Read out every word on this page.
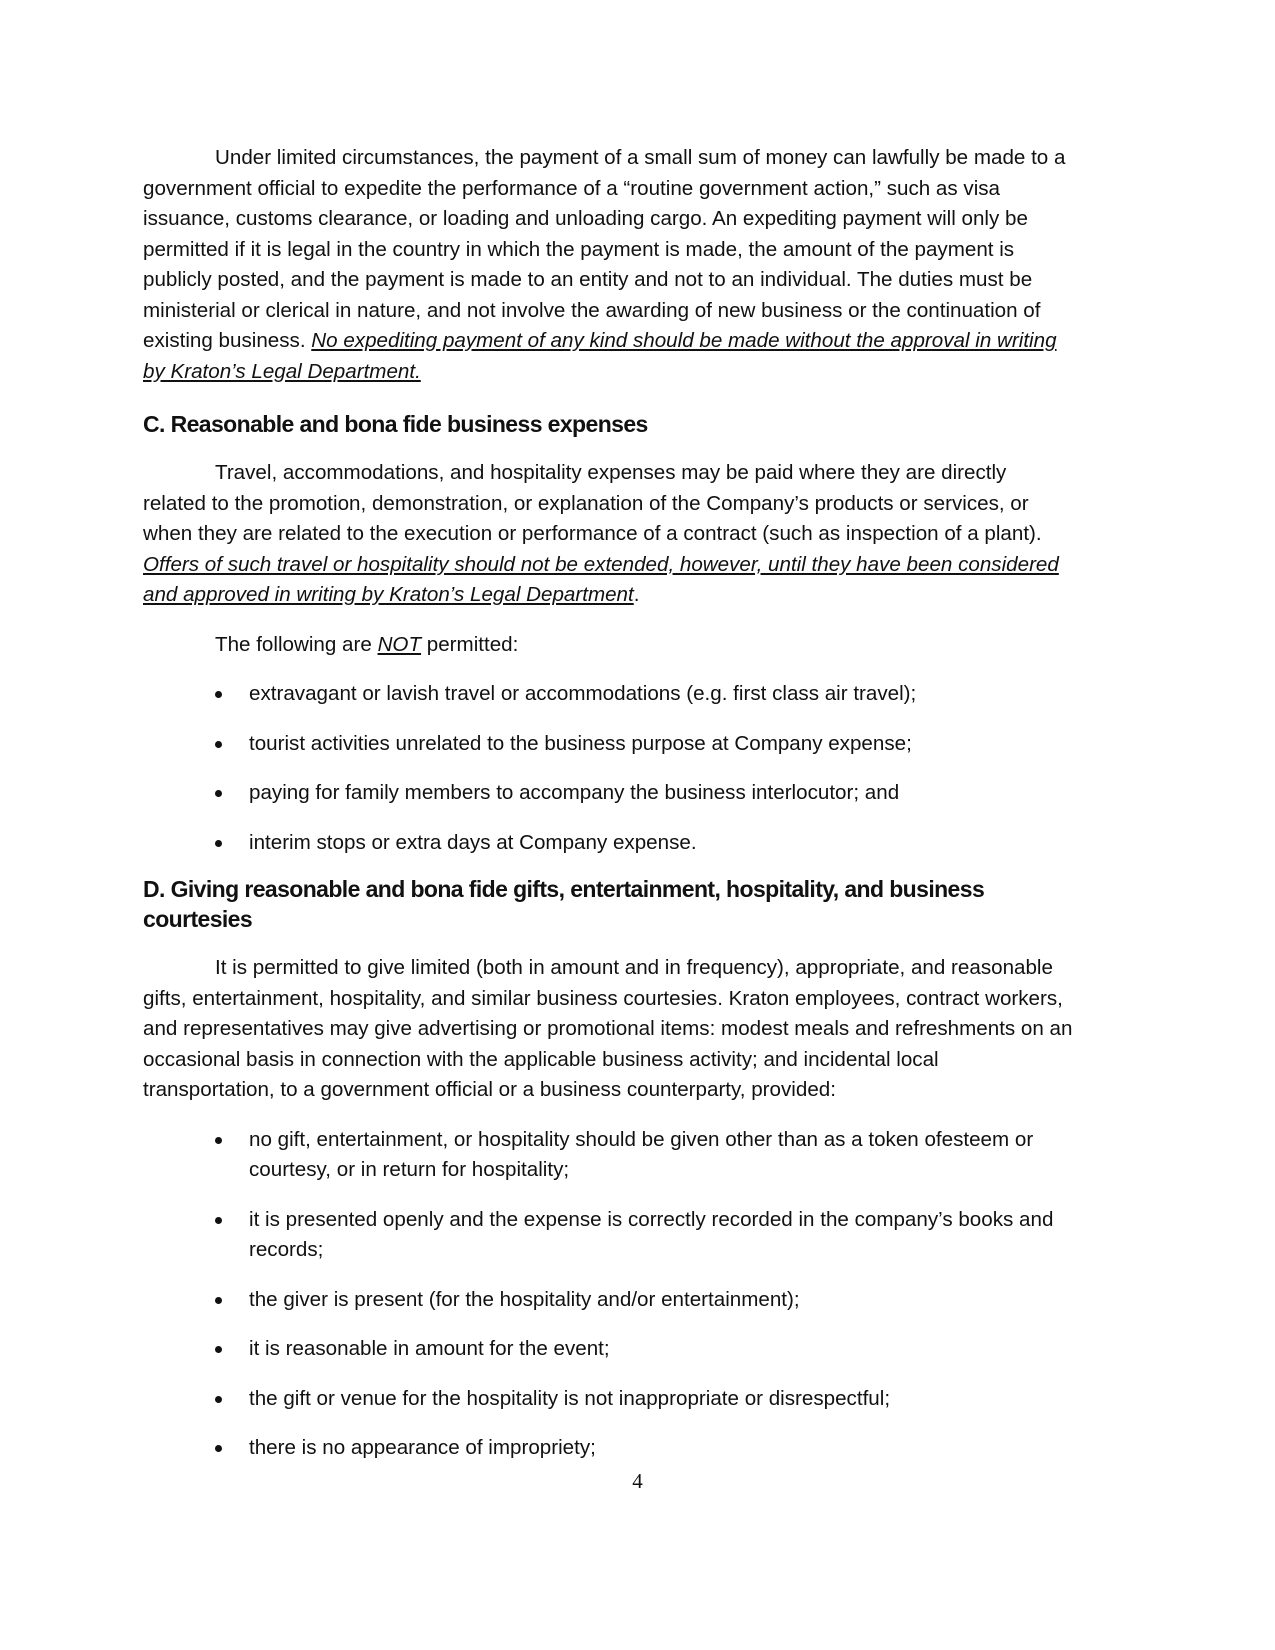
Under limited circumstances, the payment of a small sum of money can lawfully be made to a government official to expedite the performance of a “routine government action,” such as visa issuance, customs clearance, or loading and unloading cargo. An expediting payment will only be permitted if it is legal in the country in which the payment is made, the amount of the payment is publicly posted, and the payment is made to an entity and not to an individual. The duties must be ministerial or clerical in nature, and not involve the awarding of new business or the continuation of existing business. No expediting payment of any kind should be made without the approval in writing by Kraton’s Legal Department.

C. Reasonable and bona fide business expenses

Travel, accommodations, and hospitality expenses may be paid where they are directly related to the promotion, demonstration, or explanation of the Company’s products or services, or when they are related to the execution or performance of a contract (such as inspection of a plant). Offers of such travel or hospitality should not be extended, however, until they have been considered and approved in writing by Kraton’s Legal Department.

The following are NOT permitted:

extravagant or lavish travel or accommodations (e.g. first class air travel);
tourist activities unrelated to the business purpose at Company expense;
paying for family members to accompany the business interlocutor; and
interim stops or extra days at Company expense.
D. Giving reasonable and bona fide gifts, entertainment, hospitality, and business courtesies

It is permitted to give limited (both in amount and in frequency), appropriate, and reasonable gifts, entertainment, hospitality, and similar business courtesies. Kraton employees, contract workers, and representatives may give advertising or promotional items: modest meals and refreshments on an occasional basis in connection with the applicable business activity; and incidental local transportation, to a government official or a business counterparty, provided:

no gift, entertainment, or hospitality should be given other than as a token ofesteem or courtesy, or in return for hospitality;
it is presented openly and the expense is correctly recorded in the company’s books and records;
the giver is present (for the hospitality and/or entertainment);
it is reasonable in amount for the event;
the gift or venue for the hospitality is not inappropriate or disrespectful;
there is no appearance of impropriety;
4
